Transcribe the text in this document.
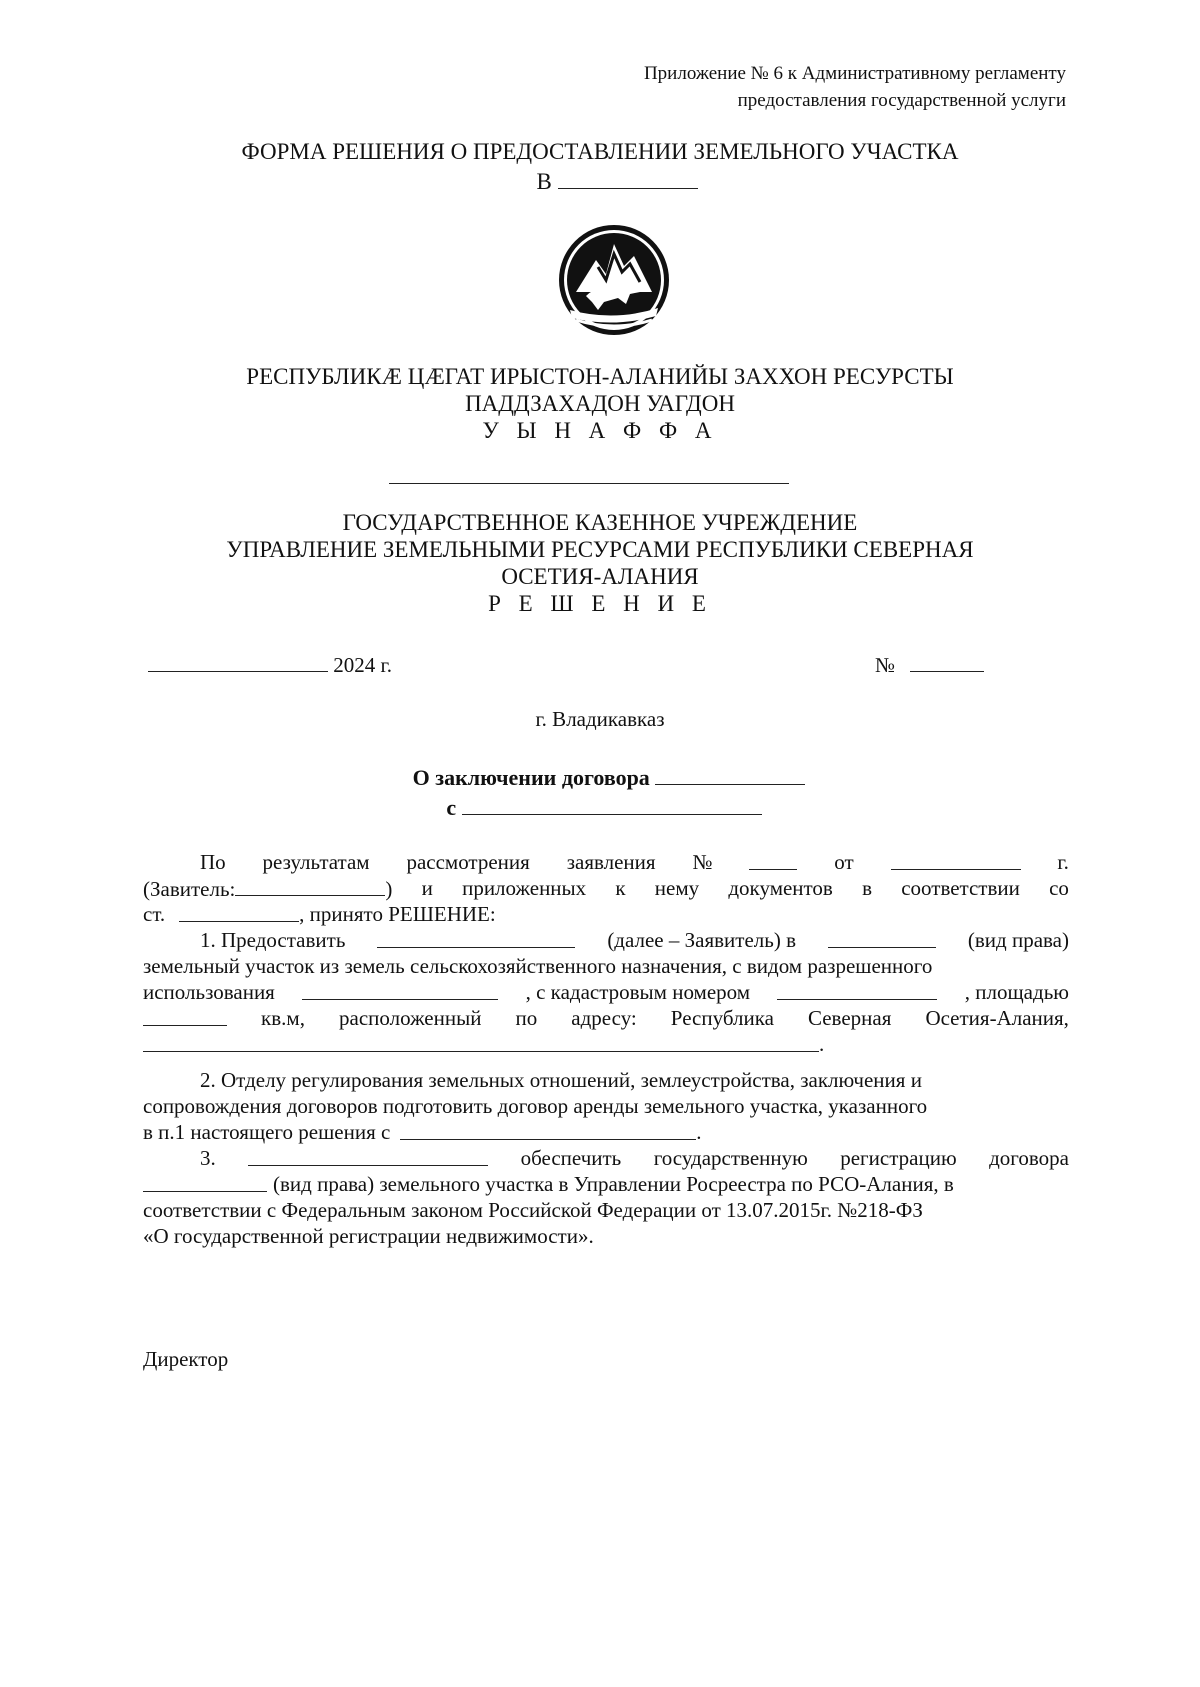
Приложение № 6 к Административному регламенту
предоставления государственной услуги
ФОРМА РЕШЕНИЯ О ПРЕДОСТАВЛЕНИИ ЗЕМЕЛЬНОГО УЧАСТКА
В
РЕСПУБЛИКӔ ЦӔГАТ ИРЫСТОН-АЛАНИЙЫ ЗАХХОН РЕСУРСТЫ
ПАДДЗАХАДОН УАГДОН
У Ы Н А Ф Ф А
ГОСУДАРСТВЕННОЕ КАЗЕННОЕ УЧРЕЖДЕНИЕ
УПРАВЛЕНИЕ ЗЕМЕЛЬНЫМИ РЕСУРСАМИ РЕСПУБЛИКИ СЕВЕРНАЯ
ОСЕТИЯ-АЛАНИЯ
Р Е Ш Е Н И Е
2024 г.	№
г. Владикавказ
О заключении договора
с
По результатам рассмотрения заявления №	от	г.
(Завитель:	) и приложенных к нему документов в соответствии со
ст.	, принято РЕШЕНИЕ:
1. Предоставить	(далее – Заявитель) в	(вид права)
земельный участок из земель сельскохозяйственного назначения, с видом разрешенного
использования	, с кадастровым номером	, площадью
кв.м, расположенный по адресу: Республика Северная Осетия-Алания,
.
2. Отделу регулирования земельных отношений, землеустройства, заключения и
сопровождения договоров подготовить договор аренды земельного участка, указанного
в п.1 настоящего решения с	.
3.	обеспечить государственную регистрацию договора
(вид права) земельного участка в Управлении Росреестра по РСО-Алания, в
соответствии с Федеральным законом Российской Федерации от 13.07.2015г. №218-ФЗ
«О государственной регистрации недвижимости».
Директор
